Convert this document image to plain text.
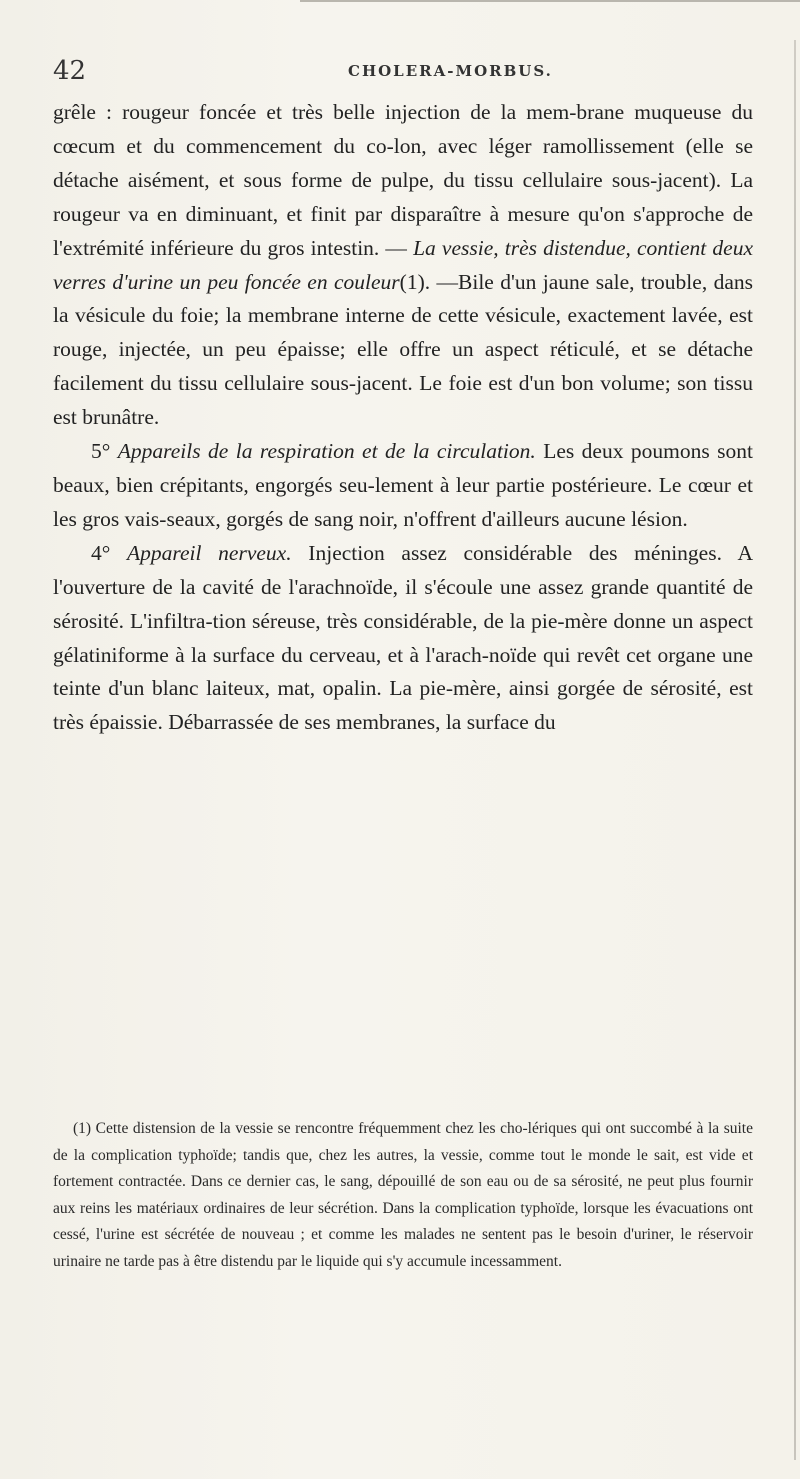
42	CHOLERA-MORBUS.

grêle : rougeur foncée et très belle injection de la mem-brane muqueuse du cœcum et du commencement du co-lon, avec léger ramollissement (elle se détache aisément, et sous forme de pulpe, du tissu cellulaire sous-jacent). La rougeur va en diminuant, et finit par disparaître à mesure qu'on s'approche de l'extrémité inférieure du gros intestin. — La vessie, très distendue, contient deux verres d'urine un peu foncée en couleur(1). —Bile d'un jaune sale, trouble, dans la vésicule du foie; la membrane interne de cette vésicule, exactement lavée, est rouge, injectée, un peu épaisse; elle offre un aspect réticulé, et se détache facilement du tissu cellulaire sous-jacent. Le foie est d'un bon volume; son tissu est brunâtre.

5° Appareils de la respiration et de la circulation. Les deux poumons sont beaux, bien crépitants, engorgés seu-lement à leur partie postérieure. Le cœur et les gros vais-seaux, gorgés de sang noir, n'offrent d'ailleurs aucune lésion.

4° Appareil nerveux. Injection assez considérable des méninges. A l'ouverture de la cavité de l'arachnoïde, il s'écoule une assez grande quantité de sérosité. L'infiltra-tion séreuse, très considérable, de la pie-mère donne un aspect gélatiniforme à la surface du cerveau, et à l'arach-noïde qui revêt cet organe une teinte d'un blanc laiteux, mat, opalin. La pie-mère, ainsi gorgée de sérosité, est très épaissie. Débarrassée de ses membranes, la surface du

(1) Cette distension de la vessie se rencontre fréquemment chez les cho-lériques qui ont succombé à la suite de la complication typhoïde; tandis que, chez les autres, la vessie, comme tout le monde le sait, est vide et fortement contractée. Dans ce dernier cas, le sang, dépouillé de son eau ou de sa sérosité, ne peut plus fournir aux reins les matériaux ordinaires de leur sécrétion. Dans la complication typhoïde, lorsque les évacuations ont cessé, l'urine est sécrétée de nouveau ; et comme les malades ne sentent pas le besoin d'uriner, le réservoir urinaire ne tarde pas à être distendu par le liquide qui s'y accumule incessamment.
